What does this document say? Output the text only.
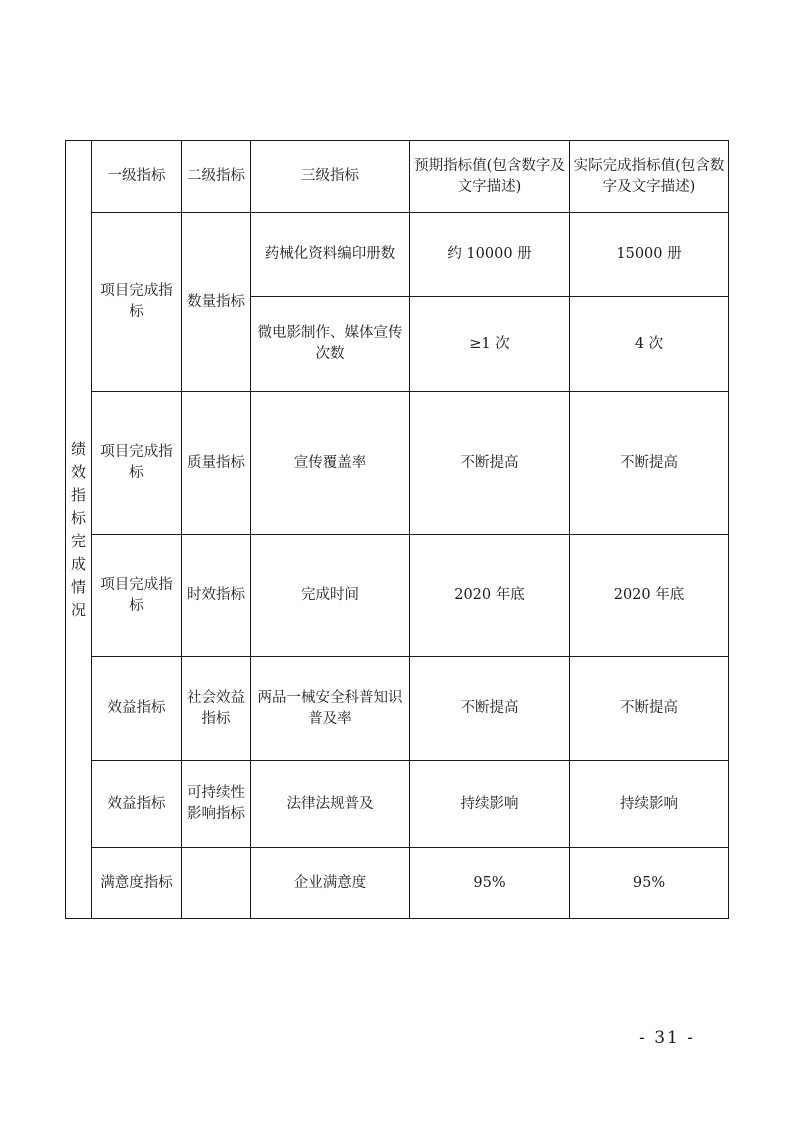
绩效指标完成情况	一级指标	二级指标	三级指标	预期指标值(包含数字及文字描述)	实际完成指标值(包含数字及文字描述)
	项目完成指标	数量指标	药械化资料编印册数	约 10000 册	15000 册
			微电影制作、媒体宣传次数	≥1 次	4 次
	项目完成指标	质量指标	宣传覆盖率	不断提高	不断提高
	项目完成指标	时效指标	完成时间	2020 年底	2020 年底
	效益指标	社会效益指标	两品一械安全科普知识普及率	不断提高	不断提高
	效益指标	可持续性影响指标	法律法规普及	持续影响	持续影响
	满意度指标		企业满意度	95%	95%
- 31 -
